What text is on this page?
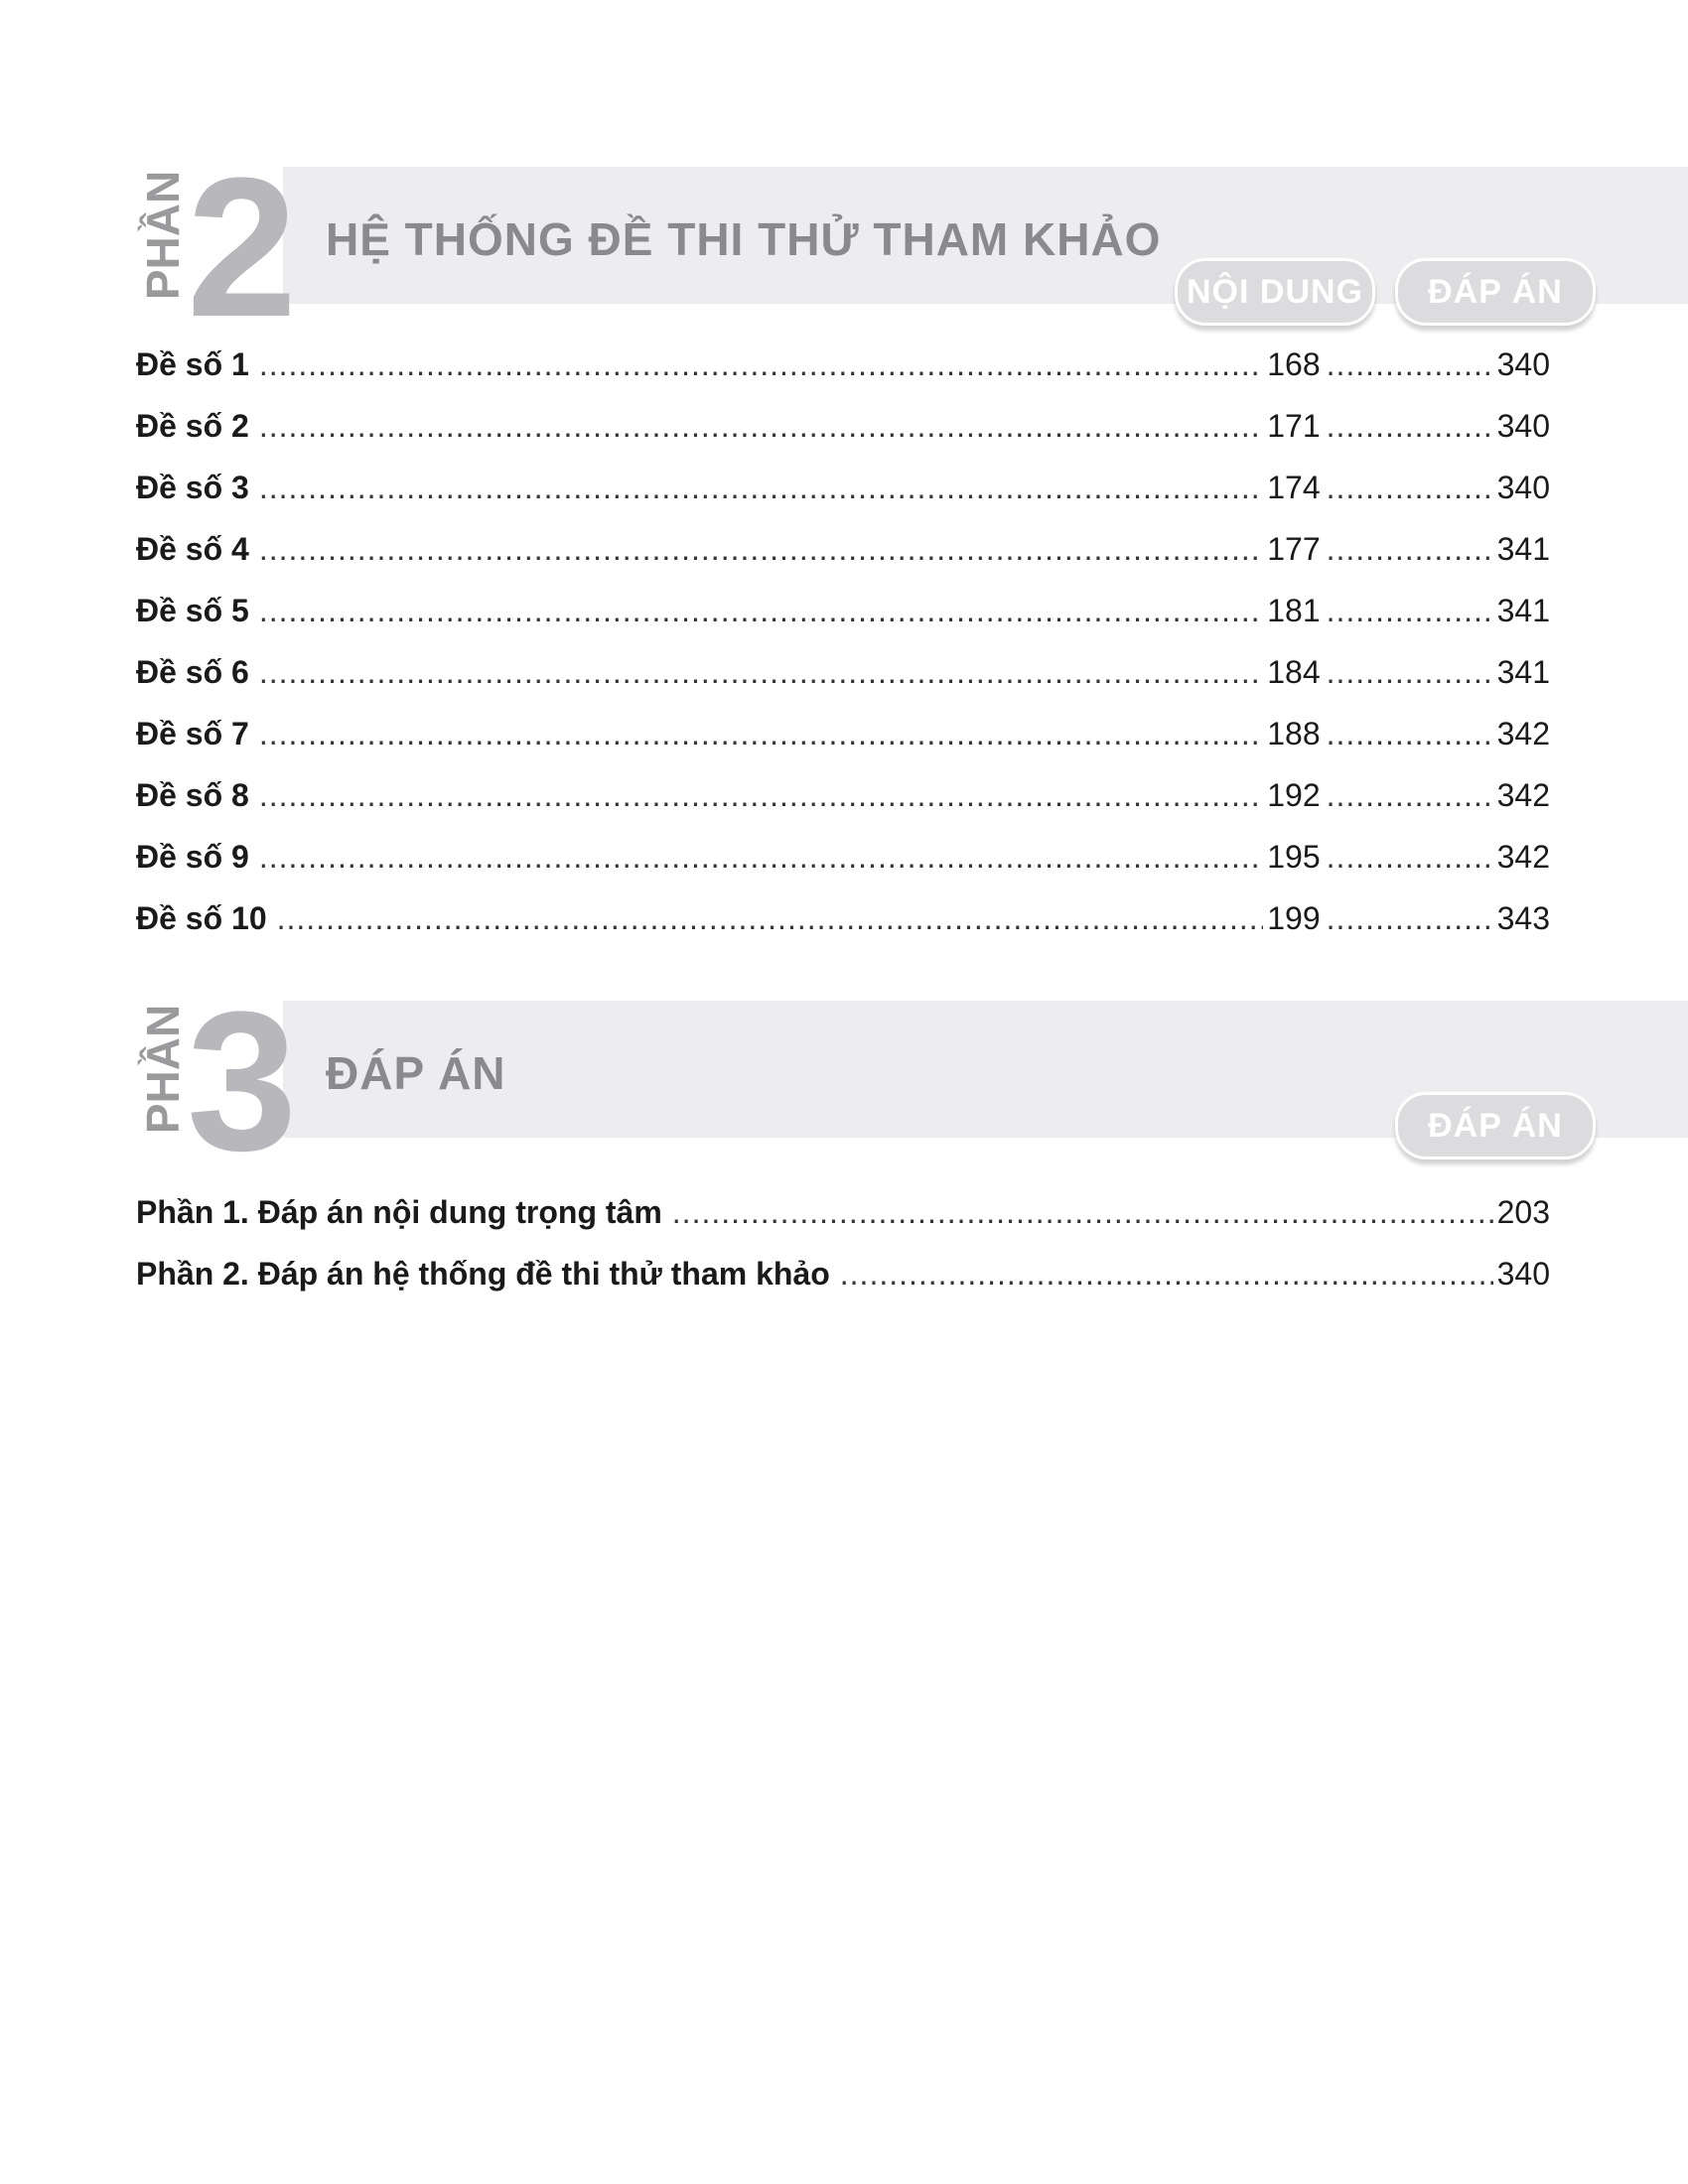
PHẦN
2 HỆ THỐNG ĐỀ THI THỬ THAM KHẢO
NỘI DUNG	ĐÁP ÁN
Đề số 1 .....	168 .....	340
Đề số 2 .....	171 .....	340
Đề số 3 .....	174 .....	340
Đề số 4 .....	177 .....	341
Đề số 5 .....	181 .....	341
Đề số 6 .....	184 .....	341
Đề số 7 .....	188 .....	342
Đề số 8 .....	192 .....	342
Đề số 9 .....	195 .....	342
Đề số 10 .....	199 .....	343
PHẦN
3 ĐÁP ÁN
ĐÁP ÁN
Phần 1. Đáp án nội dung trọng tâm .....	203
Phần 2. Đáp án hệ thống đề thi thử tham khảo .....	340
